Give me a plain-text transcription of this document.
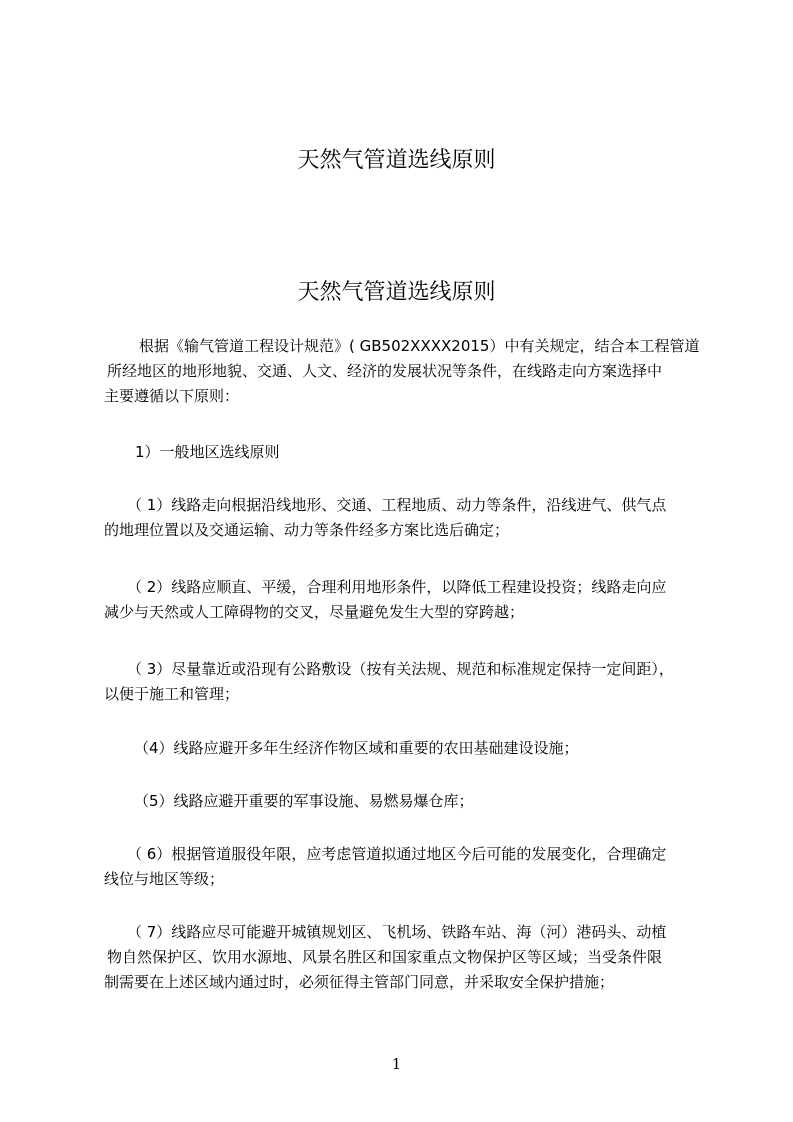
天然气管道选线原则
天然气管道选线原则
根据《输气管道工程设计规范》( GB502XXXX2015）中有关规定，结合本工程管道
所经地区的地形地貌、交通、人文、经济的发展状况等条件，在线路走向方案选择中
主要遵循以下原则：
1）一般地区选线原则
（ 1）线路走向根据沿线地形、交通、工程地质、动力等条件，沿线进气、供气点
的地理位置以及交通运输、动力等条件经多方案比选后确定；
（ 2）线路应顺直、平缓，合理利用地形条件，以降低工程建设投资；线路走向应
减少与天然或人工障碍物的交叉，尽量避免发生大型的穿跨越；
（ 3）尽量靠近或沿现有公路敷设（按有关法规、规范和标准规定保持一定间距），
以便于施工和管理；
（4）线路应避开多年生经济作物区域和重要的农田基础建设设施；
（5）线路应避开重要的军事设施、易燃易爆仓库；
（ 6）根据管道服役年限，应考虑管道拟通过地区今后可能的发展变化，合理确定
线位与地区等级；
（ 7）线路应尽可能避开城镇规划区、飞机场、铁路车站、海（河）港码头、动植
物自然保护区、饮用水源地、风景名胜区和国家重点文物保护区等区域；当受条件限
制需要在上述区域内通过时，必须征得主管部门同意，并采取安全保护措施；
1
